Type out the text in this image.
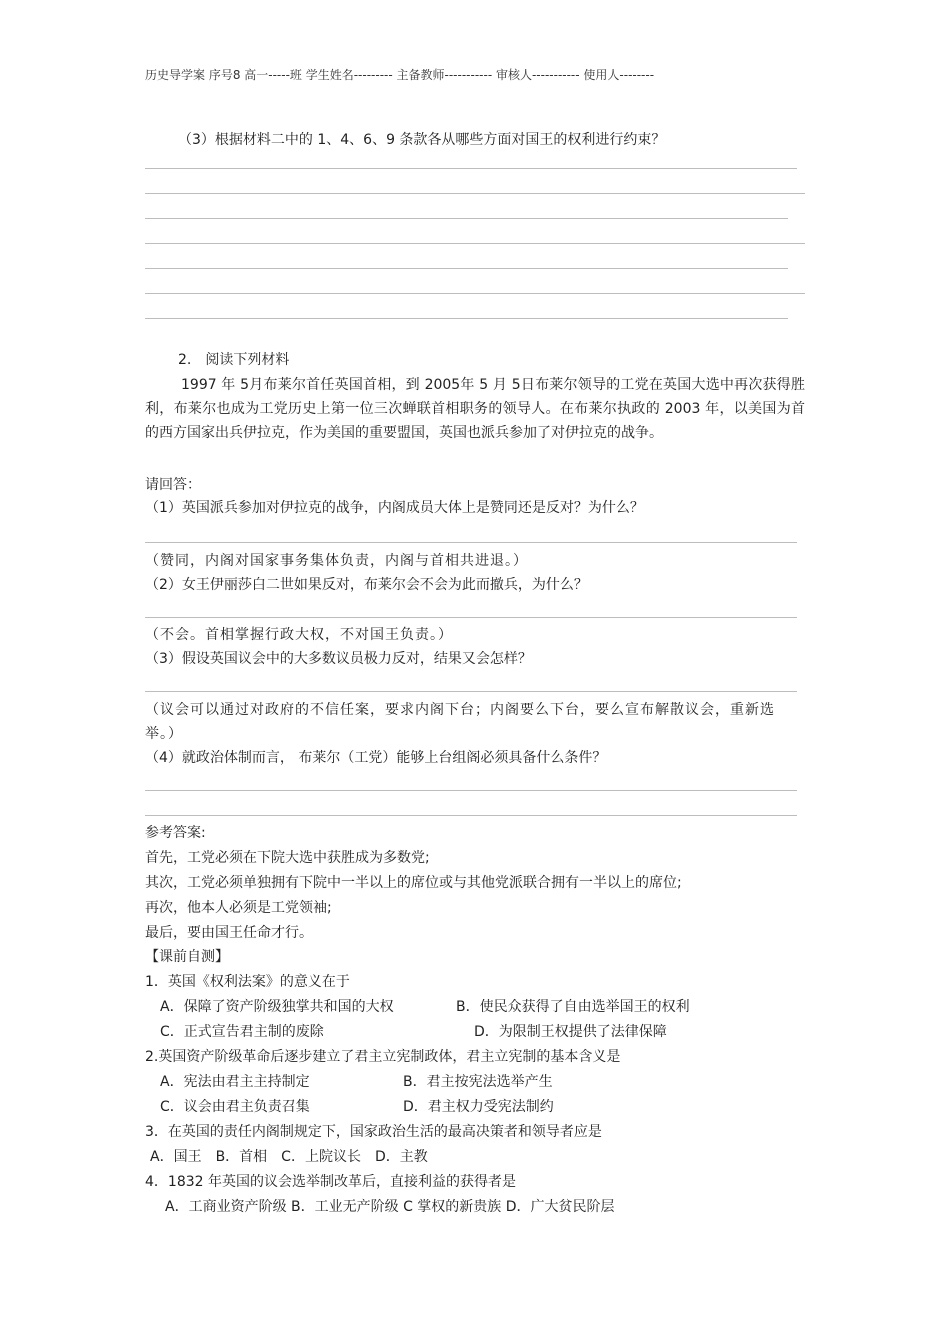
历史导学案 序号8 高一-----班 学生姓名--------- 主备教师----------- 审核人----------- 使用人--------
（3）根据材料二中的 1、4、6、9 条款各从哪些方面对国王的权利进行约束？
2.　阅读下列材料
1997 年 5月布莱尔首任英国首相，到 2005年 5 月 5日布莱尔领导的工党在英国大选中再次获得胜利，布莱尔也成为工党历史上第一位三次蝉联首相职务的领导人。在布莱尔执政的 2003 年，以美国为首的西方国家出兵伊拉克，作为美国的重要盟国，英国也派兵参加了对伊拉克的战争。
请回答：
（1）英国派兵参加对伊拉克的战争，内阁成员大体上是赞同还是反对？为什么？
（赞同，内阁对国家事务集体负责，内阁与首相共进退。）
（2）女王伊丽莎白二世如果反对，布莱尔会不会为此而撤兵，为什么？
（不会。首相掌握行政大权，不对国王负责。）
（3）假设英国议会中的大多数议员极力反对，结果又会怎样？
（议会可以通过对政府的不信任案，要求内阁下台；内阁要么下台，要么宣布解散议会，重新选举。）
（4）就政治体制而言， 布莱尔（工党）能够上台组阁必须具备什么条件？
参考答案:
首先，工党必须在下院大选中获胜成为多数党;
其次，工党必须单独拥有下院中一半以上的席位或与其他党派联合拥有一半以上的席位;
再次，他本人必须是工党领袖;
最后，要由国王任命才行。
【课前自测】
1．英国《权利法案》的意义在于
A．保障了资产阶级独掌共和国的大权	B．使民众获得了自由选举国王的权利
C．正式宣告君主制的废除	D．为限制王权提供了法律保障
2.英国资产阶级革命后逐步建立了君主立宪制政体，君主立宪制的基本含义是
A．宪法由君主主持制定	B．君主按宪法选举产生
C．议会由君主负责召集	D．君主权力受宪法制约
3．在英国的责任内阁制规定下，国家政治生活的最高决策者和领导者应是
A．国王　B．首相　C．上院议长　D．主教
4．1832 年英国的议会选举制改革后，直接利益的获得者是
A．工商业资产阶级 B．工业无产阶级 C 掌权的新贵族 D．广大贫民阶层
